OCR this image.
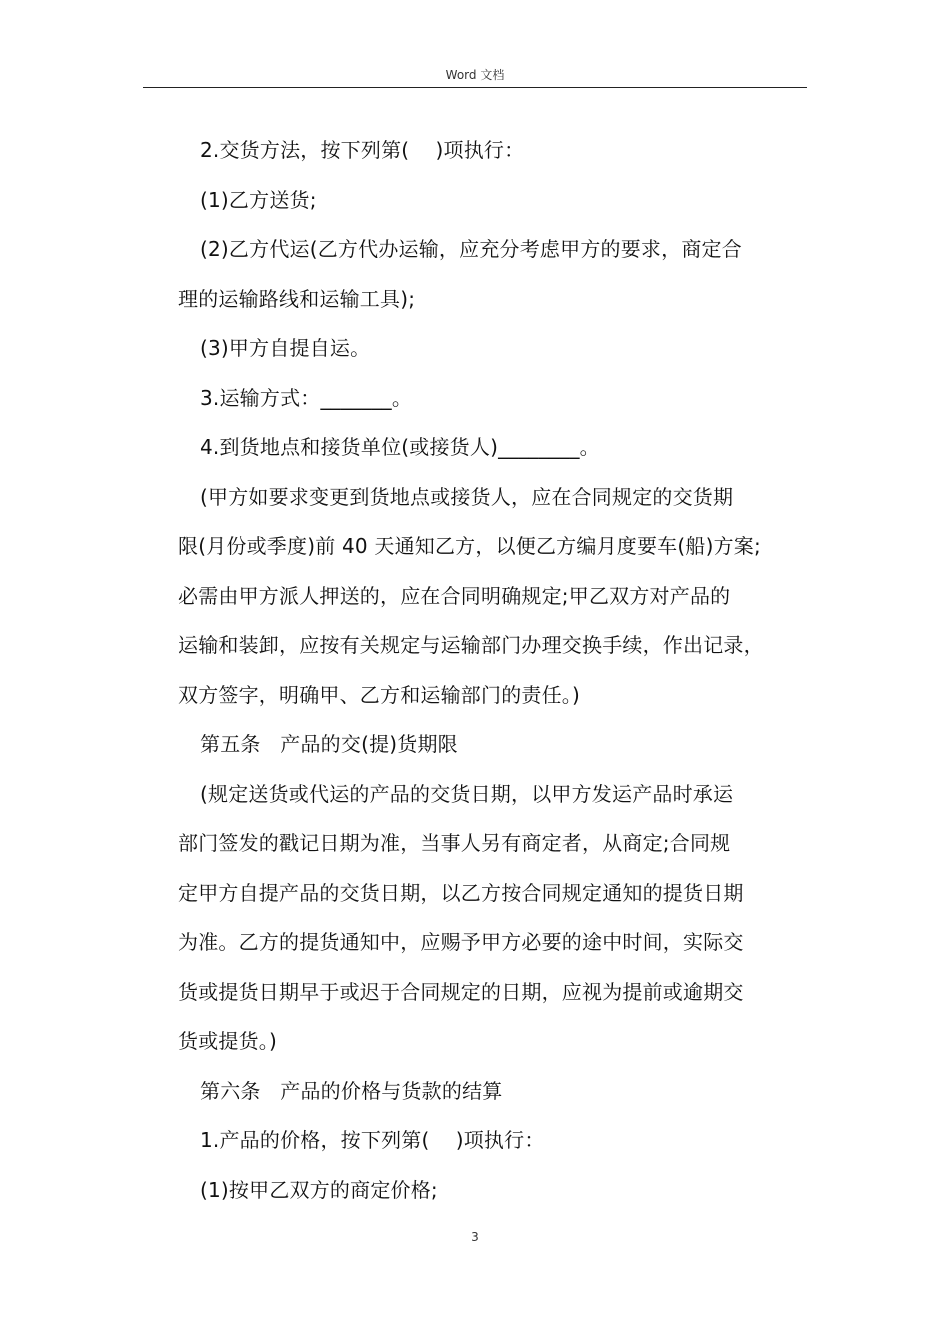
Word 文档
2.交货方法，按下列第(    )项执行：
(1)乙方送货;
(2)乙方代运(乙方代办运输，应充分考虑甲方的要求，商定合
理的运输路线和运输工具);
(3)甲方自提自运。
3.运输方式：_______。
4.到货地点和接货单位(或接货人)________。
(甲方如要求变更到货地点或接货人，应在合同规定的交货期
限(月份或季度)前 40 天通知乙方，以便乙方编月度要车(船)方案;
必需由甲方派人押送的，应在合同明确规定;甲乙双方对产品的
运输和装卸，应按有关规定与运输部门办理交换手续，作出记录，
双方签字，明确甲、乙方和运输部门的责任。)
第五条   产品的交(提)货期限
(规定送货或代运的产品的交货日期，以甲方发运产品时承运
部门签发的戳记日期为准，当事人另有商定者，从商定;合同规
定甲方自提产品的交货日期，以乙方按合同规定通知的提货日期
为准。乙方的提货通知中，应赐予甲方必要的途中时间，实际交
货或提货日期早于或迟于合同规定的日期，应视为提前或逾期交
货或提货。)
第六条   产品的价格与货款的结算
1.产品的价格，按下列第(    )项执行：
(1)按甲乙双方的商定价格;
3
